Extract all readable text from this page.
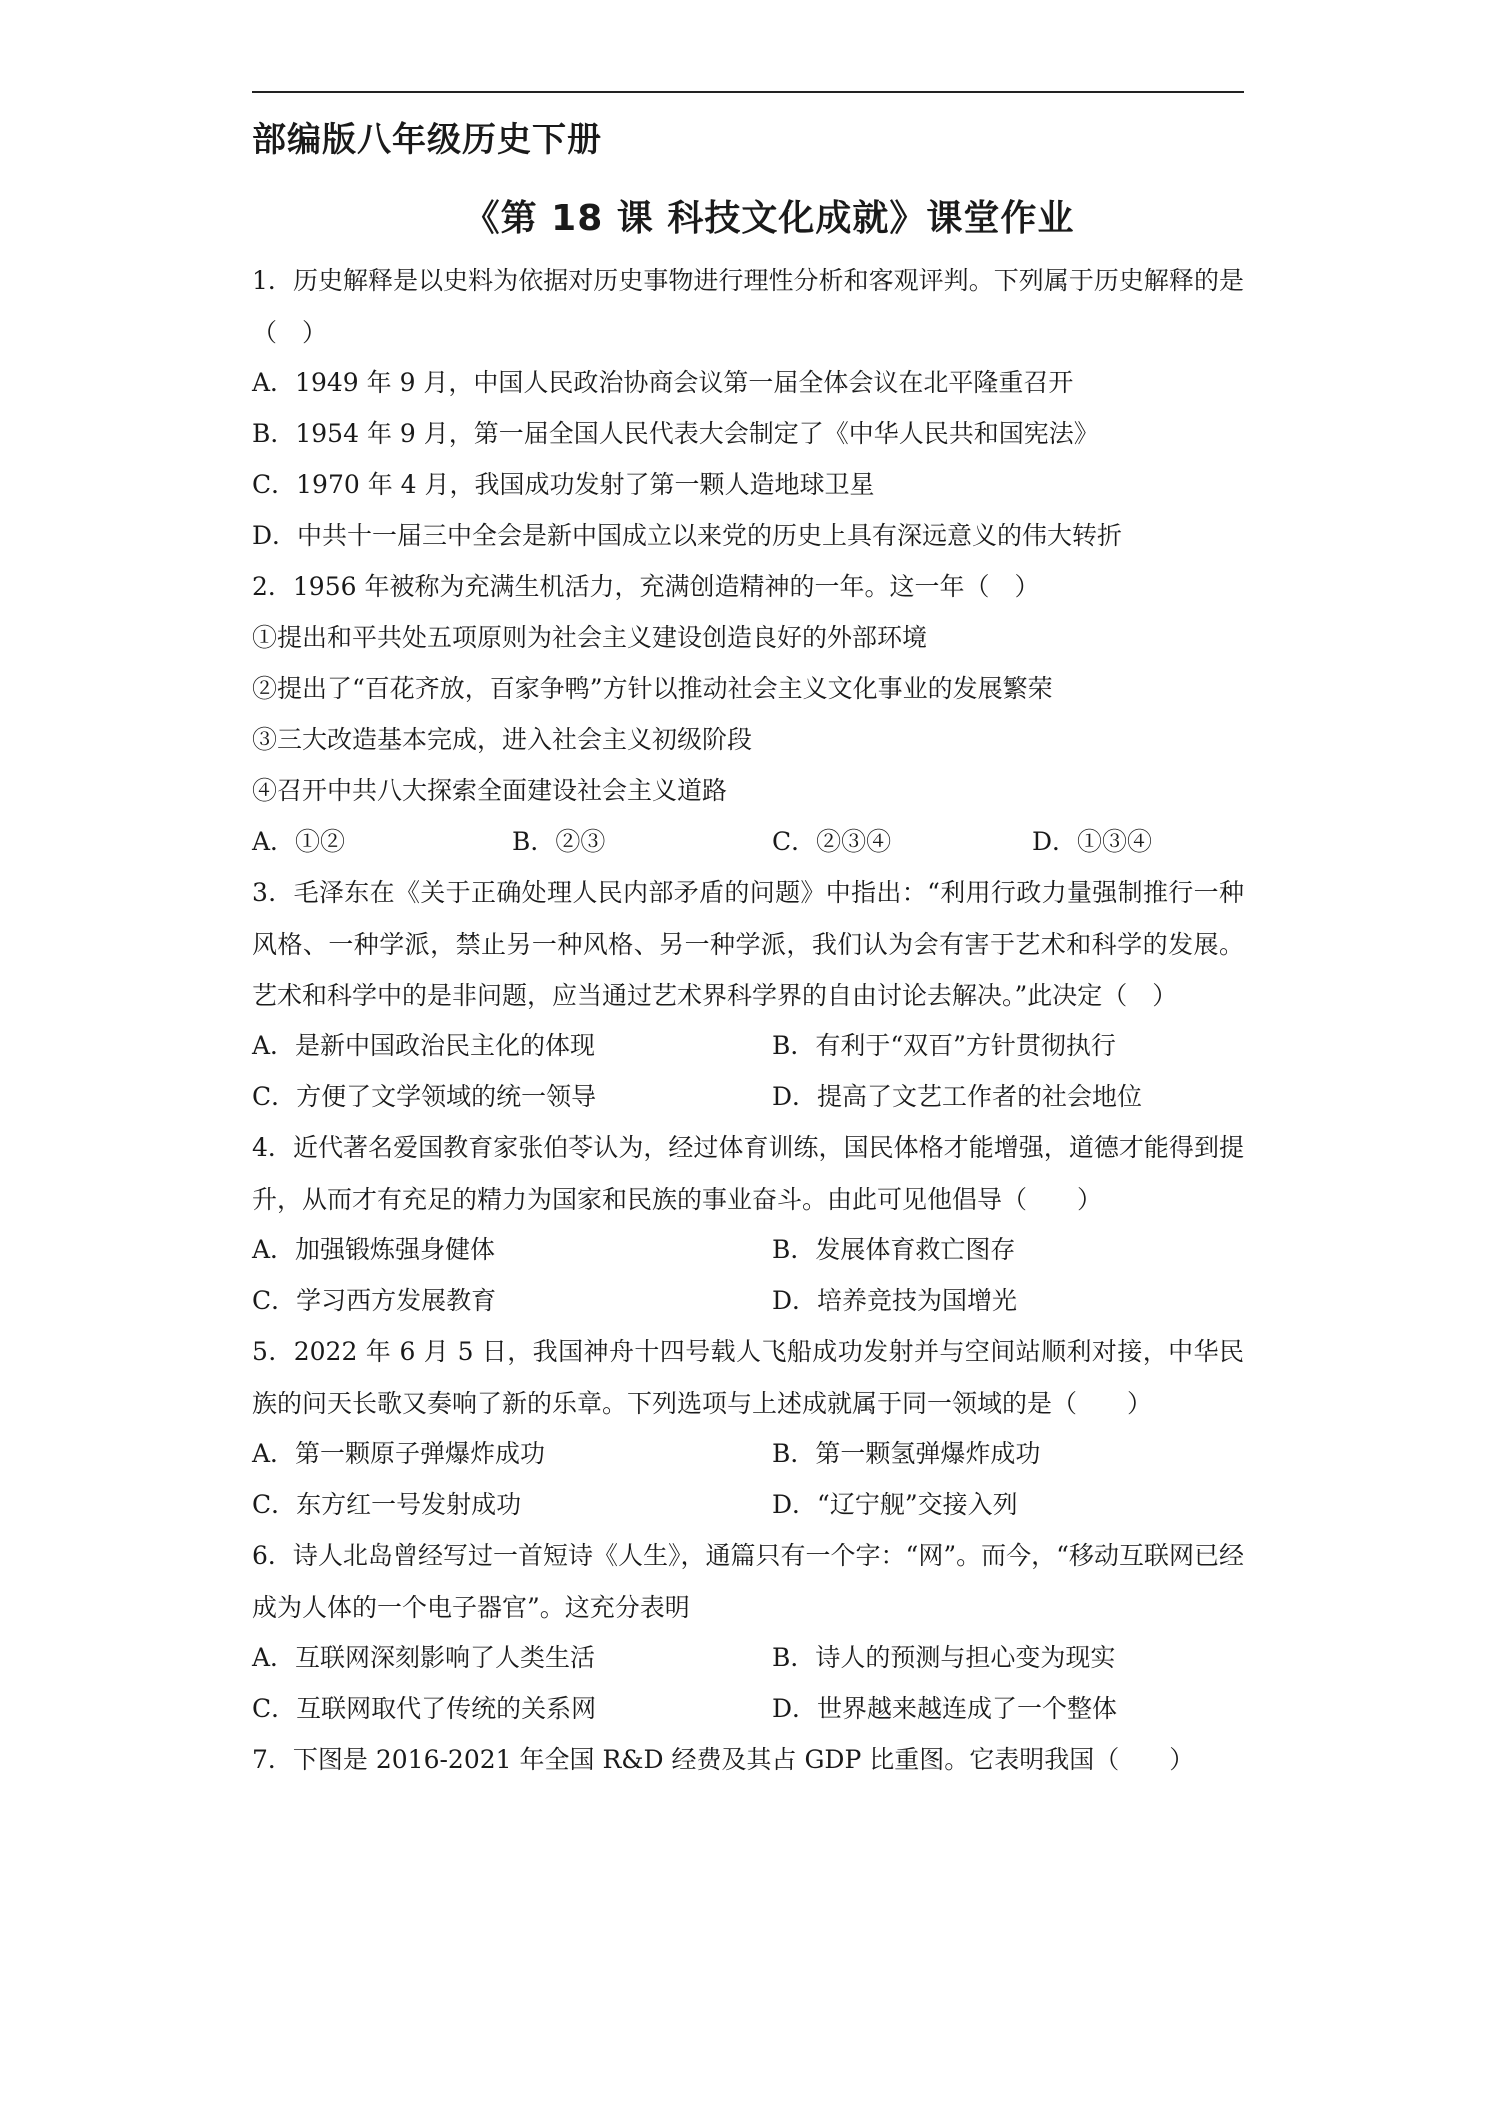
部编版八年级历史下册
《第 18 课 科技文化成就》课堂作业
1．历史解释是以史料为依据对历史事物进行理性分析和客观评判。下列属于历史解释的是（　）
A．1949 年 9 月，中国人民政治协商会议第一届全体会议在北平隆重召开
B．1954 年 9 月，第一届全国人民代表大会制定了《中华人民共和国宪法》
C．1970 年 4 月，我国成功发射了第一颗人造地球卫星
D．中共十一届三中全会是新中国成立以来党的历史上具有深远意义的伟大转折
2．1956 年被称为充满生机活力，充满创造精神的一年。这一年（　）
①提出和平共处五项原则为社会主义建设创造良好的外部环境
②提出了“百花齐放，百家争鸭”方针以推动社会主义文化事业的发展繁荣
③三大改造基本完成，进入社会主义初级阶段
④召开中共八大探索全面建设社会主义道路
A．①②	B．②③	C．②③④	D．①③④
3．毛泽东在《关于正确处理人民内部矛盾的问题》中指出：“利用行政力量强制推行一种风格、一种学派，禁止另一种风格、另一种学派，我们认为会有害于艺术和科学的发展。艺术和科学中的是非问题，应当通过艺术界科学界的自由讨论去解决。”此决定（　）
A．是新中国政治民主化的体现	B．有利于“双百”方针贯彻执行
C．方便了文学领域的统一领导	D．提高了文艺工作者的社会地位
4．近代著名爱国教育家张伯苓认为，经过体育训练，国民体格才能增强，道德才能得到提升，从而才有充足的精力为国家和民族的事业奋斗。由此可见他倡导（　　）
A．加强锻炼强身健体	B．发展体育救亡图存
C．学习西方发展教育	D．培养竞技为国增光
5．2022 年 6 月 5 日，我国神舟十四号载人飞船成功发射并与空间站顺利对接，中华民族的问天长歌又奏响了新的乐章。下列选项与上述成就属于同一领域的是（　　）
A．第一颗原子弹爆炸成功	B．第一颗氢弹爆炸成功
C．东方红一号发射成功	D．“辽宁舰”交接入列
6．诗人北岛曾经写过一首短诗《人生》，通篇只有一个字：“网”。而今，“移动互联网已经成为人体的一个电子器官”。这充分表明
A．互联网深刻影响了人类生活	B．诗人的预测与担心变为现实
C．互联网取代了传统的关系网	D．世界越来越连成了一个整体
7．下图是 2016-2021 年全国 R&D 经费及其占 GDP 比重图。它表明我国（　　）
